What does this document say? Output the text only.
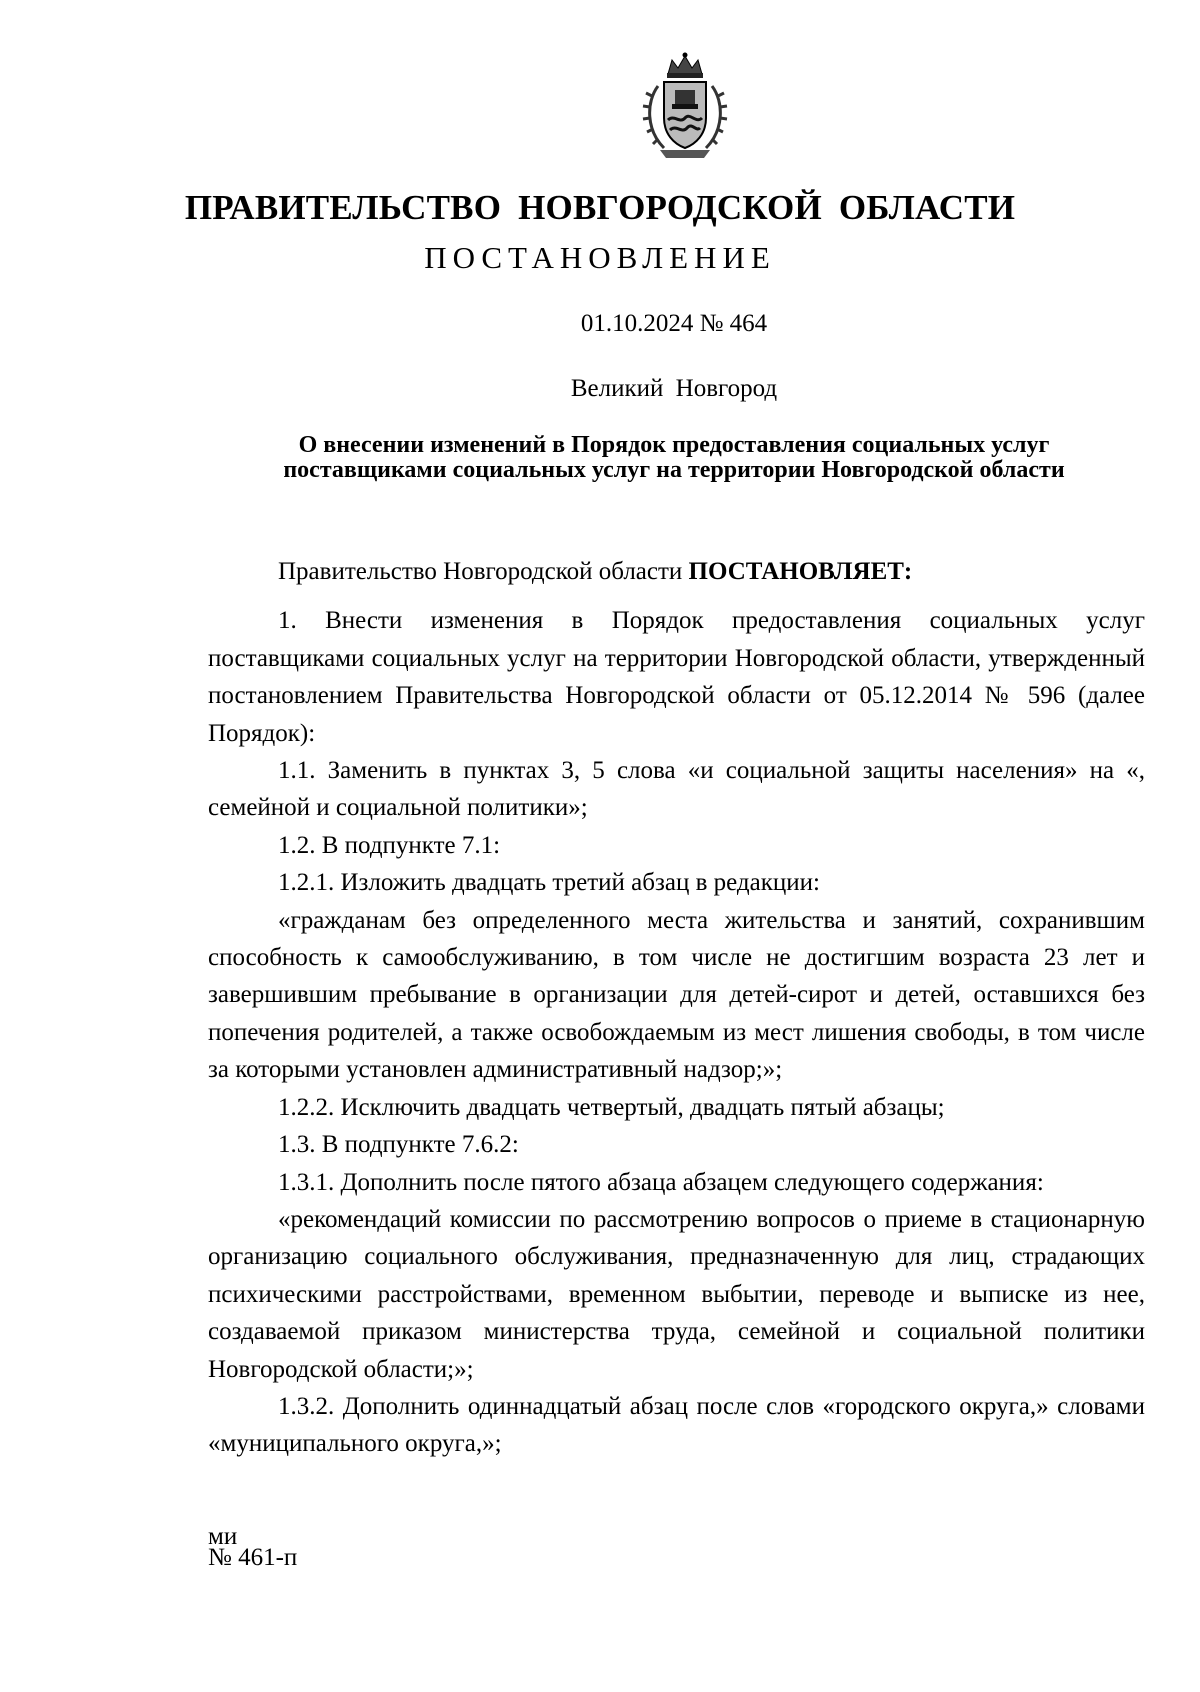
ПРАВИТЕЛЬСТВО НОВГОРОДСКОЙ ОБЛАСТИ
ПОСТАНОВЛЕНИЕ
01.10.2024 № 464
Великий Новгород
О внесении изменений в Порядок предоставления социальных услуг
поставщиками социальных услуг на территории Новгородской области

Правительство Новгородской области ПОСТАНОВЛЯЕТ:

1. Внести изменения в Порядок предоставления социальных услуг поставщиками социальных услуг на территории Новгородской области, утвержденный постановлением Правительства Новгородской области от 05.12.2014 № 596 (далее Порядок):

1.1. Заменить в пунктах 3, 5 слова «и социальной защиты населения» на «, семейной и социальной политики»;

1.2. В подпункте 7.1:

1.2.1. Изложить двадцать третий абзац в редакции:

«гражданам без определенного места жительства и занятий, сохранившим способность к самообслуживанию, в том числе не достигшим возраста 23 лет и завершившим пребывание в организации для детей-сирот и детей, оставшихся без попечения родителей, а также освобождаемым из мест лишения свободы, в том числе за которыми установлен административный надзор;»;

1.2.2. Исключить двадцать четвертый, двадцать пятый абзацы;

1.3. В подпункте 7.6.2:

1.3.1. Дополнить после пятого абзаца абзацем следующего содержания:

«рекомендаций комиссии по рассмотрению вопросов о приеме в стационарную организацию социального обслуживания, предназначенную для лиц, страдающих психическими расстройствами, временном выбытии, переводе и выписке из нее, создаваемой приказом министерства труда, семейной и социальной политики Новгородской области;»;

1.3.2. Дополнить одиннадцатый абзац после слов «городского округа,» словами «муниципального округа,»;

ми
№ 461-п
